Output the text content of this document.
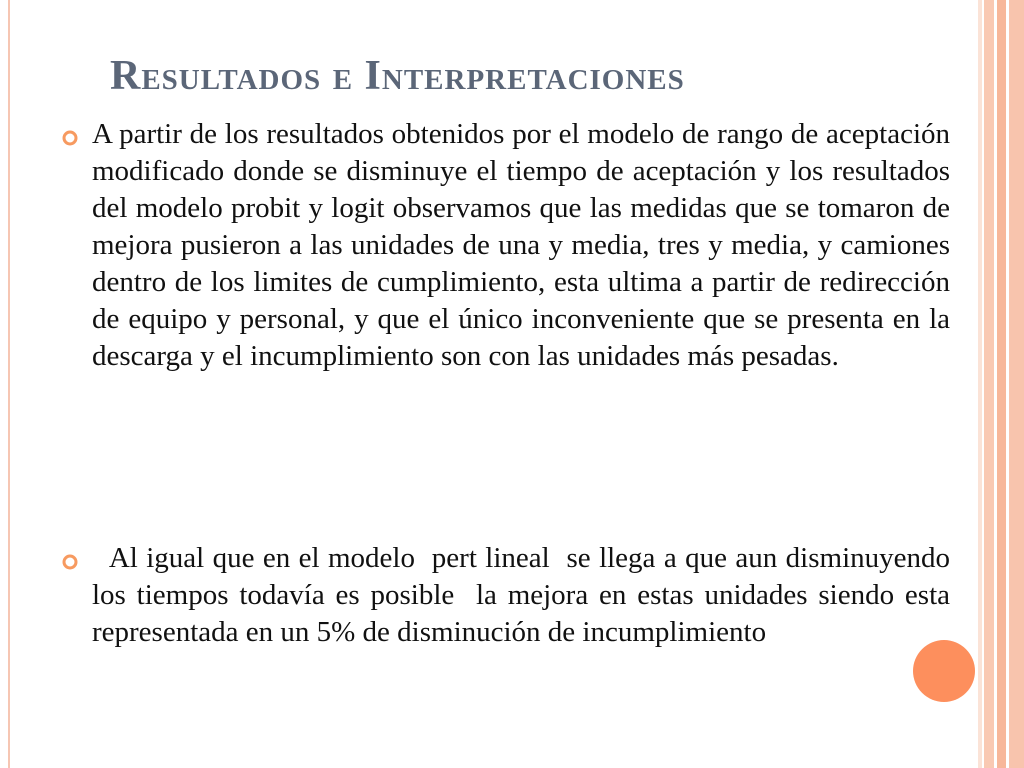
Resultados e Interpretaciones

A partir de los resultados obtenidos por el modelo de rango de aceptación modificado donde se disminuye el tiempo de aceptación y los resultados del modelo probit y logit observamos que las medidas que se tomaron de mejora pusieron a las unidades de una y media, tres y media, y camiones dentro de los limites de cumplimiento, esta ultima a partir de redirección de equipo y personal, y que el único inconveniente que se presenta en la descarga y el incumplimiento son con las unidades más pesadas.

Al igual que en el modelo  pert lineal  se llega a que aun disminuyendo los tiempos todavía es posible  la mejora en estas unidades siendo esta representada en un 5% de disminución de incumplimiento
